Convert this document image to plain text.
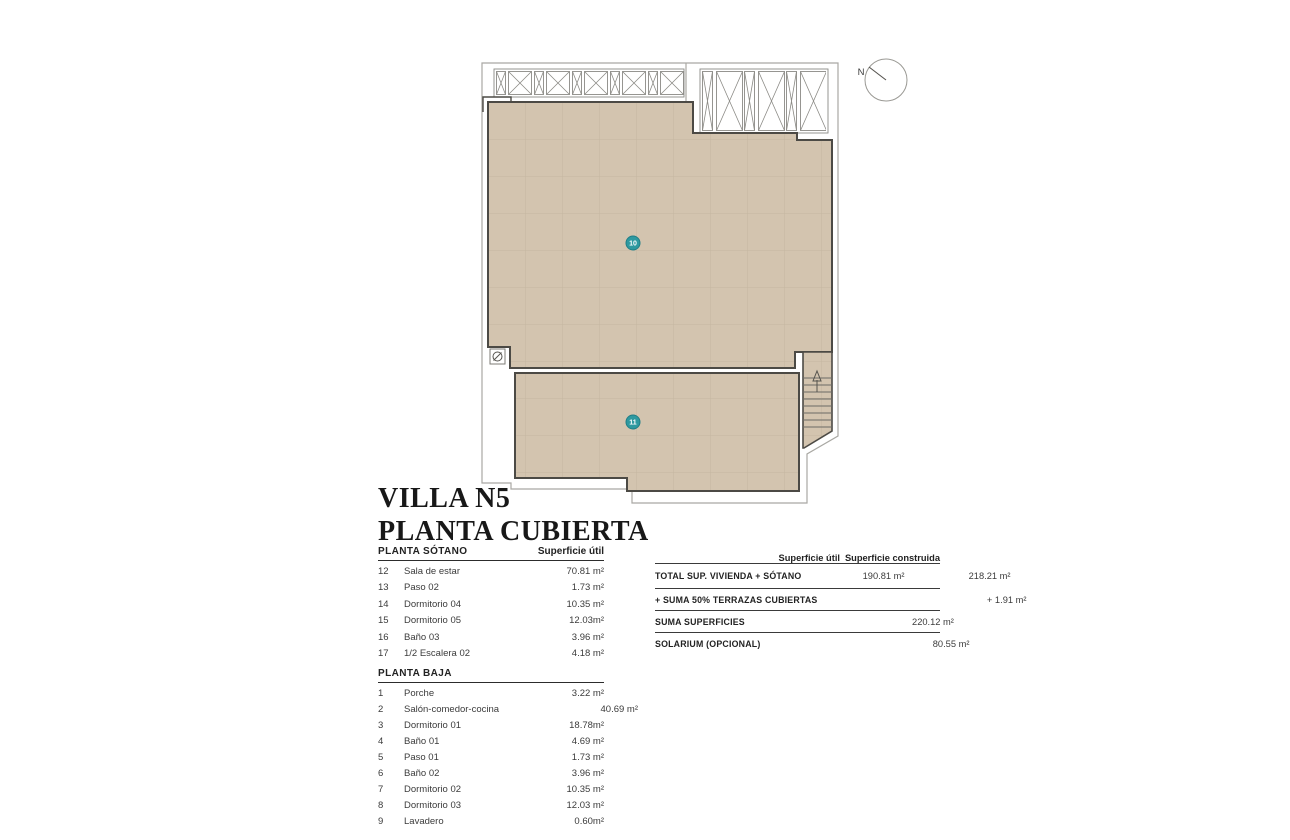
N
10
11
VILLA N5
PLANTA CUBIERTA
PLANTA SÓTANO	Superficie útil
12	Sala de estar	70.81 m²
13	Paso 02	1.73 m²
14	Dormitorio 04	10.35 m²
15	Dormitorio 05	12.03m²
16	Baño 03	3.96 m²
17	1/2 Escalera 02	4.18 m²
PLANTA BAJA
1	Porche	3.22 m²
2	Salón-comedor-cocina	40.69 m²
3	Dormitorio 01	18.78m²
4	Baño 01	4.69 m²
5	Paso 01	1.73 m²
6	Baño 02	3.96 m²
7	Dormitorio 02	10.35 m²
8	Dormitorio 03	12.03 m²
9	Lavadero	0.60m²
Superficie útil Superficie construida
TOTAL SUP. VIVIENDA + SÓTANO	190.81 m²	218.21 m²
+ SUMA 50% TERRAZAS CUBIERTAS	+ 1.91 m²
SUMA SUPERFICIES	220.12 m²
SOLARIUM (OPCIONAL)	80.55 m²
